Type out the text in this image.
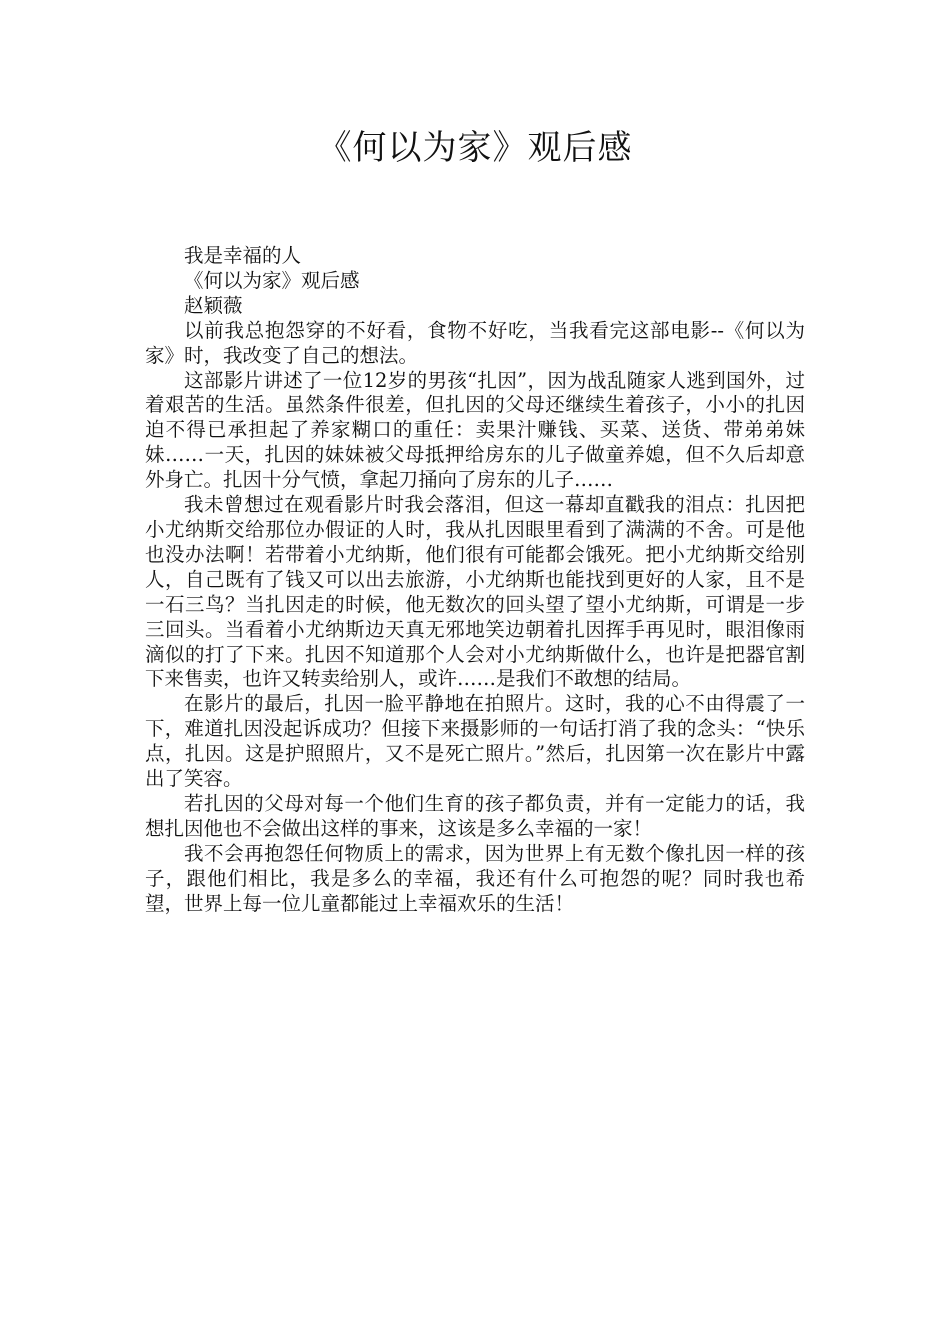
《何以为家》观后感

我是幸福的人

《何以为家》观后感

赵颖薇

以前我总抱怨穿的不好看，食物不好吃，当我看完这部电影--《何以为家》时，我改变了自己的想法。

这部影片讲述了一位12岁的男孩“扎因”，因为战乱随家人逃到国外，过着艰苦的生活。虽然条件很差，但扎因的父母还继续生着孩子，小小的扎因迫不得已承担起了养家糊口的重任：卖果汁赚钱、买菜、送货、带弟弟妹妹……一天，扎因的妹妹被父母抵押给房东的儿子做童养媳，但不久后却意外身亡。扎因十分气愤，拿起刀捅向了房东的儿子……

我未曾想过在观看影片时我会落泪，但这一幕却直戳我的泪点：扎因把小尤纳斯交给那位办假证的人时，我从扎因眼里看到了满满的不舍。可是他也没办法啊！若带着小尤纳斯，他们很有可能都会饿死。把小尤纳斯交给别人，自己既有了钱又可以出去旅游，小尤纳斯也能找到更好的人家，且不是一石三鸟？当扎因走的时候，他无数次的回头望了望小尤纳斯，可谓是一步三回头。当看着小尤纳斯边天真无邪地笑边朝着扎因挥手再见时，眼泪像雨滴似的打了下来。扎因不知道那个人会对小尤纳斯做什么，也许是把器官割下来售卖，也许又转卖给别人，或许……是我们不敢想的结局。

在影片的最后，扎因一脸平静地在拍照片。这时，我的心不由得震了一下，难道扎因没起诉成功？但接下来摄影师的一句话打消了我的念头：“快乐点，扎因。这是护照照片，又不是死亡照片。”然后，扎因第一次在影片中露出了笑容。

若扎因的父母对每一个他们生育的孩子都负责，并有一定能力的话，我想扎因他也不会做出这样的事来，这该是多么幸福的一家！

我不会再抱怨任何物质上的需求，因为世界上有无数个像扎因一样的孩子，跟他们相比，我是多么的幸福，我还有什么可抱怨的呢？同时我也希望，世界上每一位儿童都能过上幸福欢乐的生活！
